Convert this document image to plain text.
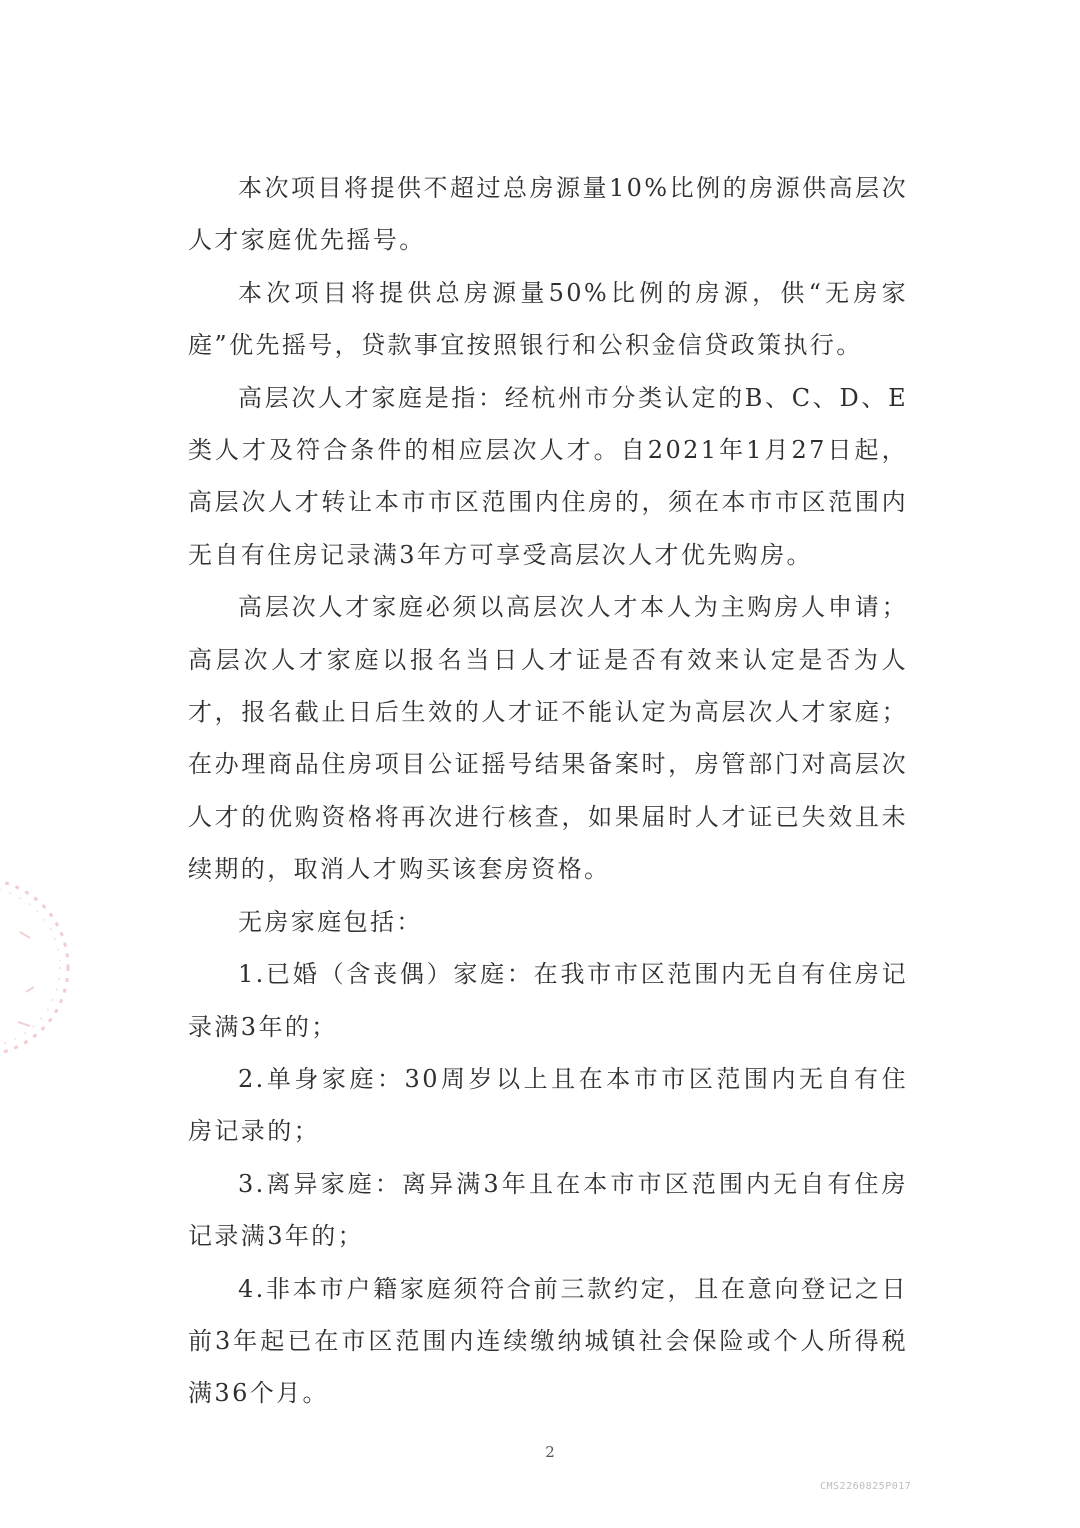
本次项目将提供不超过总房源量10%比例的房源供高层次人才家庭优先摇号。

本次项目将提供总房源量50%比例的房源，供“无房家庭”优先摇号，贷款事宜按照银行和公积金信贷政策执行。

高层次人才家庭是指：经杭州市分类认定的B、C、D、E类人才及符合条件的相应层次人才。自2021年1月27日起，高层次人才转让本市市区范围内住房的，须在本市市区范围内无自有住房记录满3年方可享受高层次人才优先购房。

高层次人才家庭必须以高层次人才本人为主购房人申请；高层次人才家庭以报名当日人才证是否有效来认定是否为人才，报名截止日后生效的人才证不能认定为高层次人才家庭；在办理商品住房项目公证摇号结果备案时，房管部门对高层次人才的优购资格将再次进行核查，如果届时人才证已失效且未续期的，取消人才购买该套房资格。

无房家庭包括：

1.已婚（含丧偶）家庭：在我市市区范围内无自有住房记录满3年的；

2.单身家庭：30周岁以上且在本市市区范围内无自有住房记录的；

3.离异家庭：离异满3年且在本市市区范围内无自有住房记录满3年的；

4.非本市户籍家庭须符合前三款约定，且在意向登记之日前3年起已在市区范围内连续缴纳城镇社会保险或个人所得税满36个月。

2
CMS2260825P017
